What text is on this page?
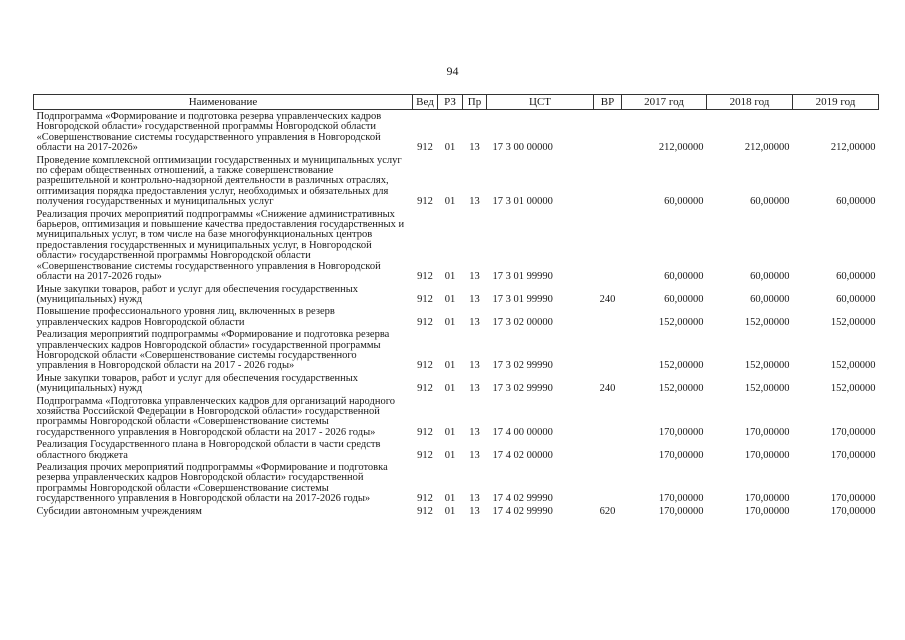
94
Наименование	Вед	РЗ	Пр	ЦСТ	ВР	2017 год	2018 год	2019 год
Подпрограмма «Формирование и подготовка резерва управленческих кадров Новгородской области» государственной программы Новгородской области «Совершенствование системы государственного управления в Новгородской области на 2017-2026»	912	01	13	17 3 00 00000		212,00000	212,00000	212,00000
Проведение комплексной оптимизации государственных и муниципальных услуг по сферам общественных отношений, а также совершенствование разрешительной и контрольно-надзорной деятельности в различных отраслях, оптимизация порядка предоставления услуг, необходимых и обязательных для получения государственных и муниципальных услуг	912	01	13	17 3 01 00000		60,00000	60,00000	60,00000
Реализация прочих мероприятий подпрограммы «Снижение административных барьеров, оптимизация и повышение качества предоставления государственных и муниципальных услуг, в том числе на базе многофункциональных центров предоставления государственных и муниципальных услуг, в Новгородской области» государственной программы Новгородской области «Совершенствование системы государственного управления в Новгородской области на 2017-2026 годы»	912	01	13	17 3 01 99990		60,00000	60,00000	60,00000
Иные закупки товаров, работ и услуг для обеспечения государственных (муниципальных) нужд	912	01	13	17 3 01 99990	240	60,00000	60,00000	60,00000
Повышение профессионального уровня лиц, включенных в резерв управленческих кадров Новгородской области	912	01	13	17 3 02 00000		152,00000	152,00000	152,00000
Реализация мероприятий подпрограммы «Формирование и подготовка резерва управленческих кадров Новгородской области» государственной программы Новгородской области «Совершенствование системы государственного управления в Новгородской области на 2017 - 2026 годы»	912	01	13	17 3 02 99990		152,00000	152,00000	152,00000
Иные закупки товаров, работ и услуг для обеспечения государственных (муниципальных) нужд	912	01	13	17 3 02 99990	240	152,00000	152,00000	152,00000
Подпрограмма «Подготовка управленческих кадров для организаций народного хозяйства Российской Федерации в Новгородской области» государственной программы Новгородской области «Совершенствование системы государственного управления в Новгородской области на 2017 - 2026 годы»	912	01	13	17 4 00 00000		170,00000	170,00000	170,00000
Реализация Государственного плана в Новгородской области в части средств областного бюджета	912	01	13	17 4 02 00000		170,00000	170,00000	170,00000
Реализация прочих мероприятий подпрограммы «Формирование и подготовка резерва управленческих кадров Новгородской области» государственной программы Новгородской области «Совершенствование системы государственного управления в Новгородской области на 2017-2026 годы»	912	01	13	17 4 02 99990		170,00000	170,00000	170,00000
Субсидии автономным учреждениям	912	01	13	17 4 02 99990	620	170,00000	170,00000	170,00000
